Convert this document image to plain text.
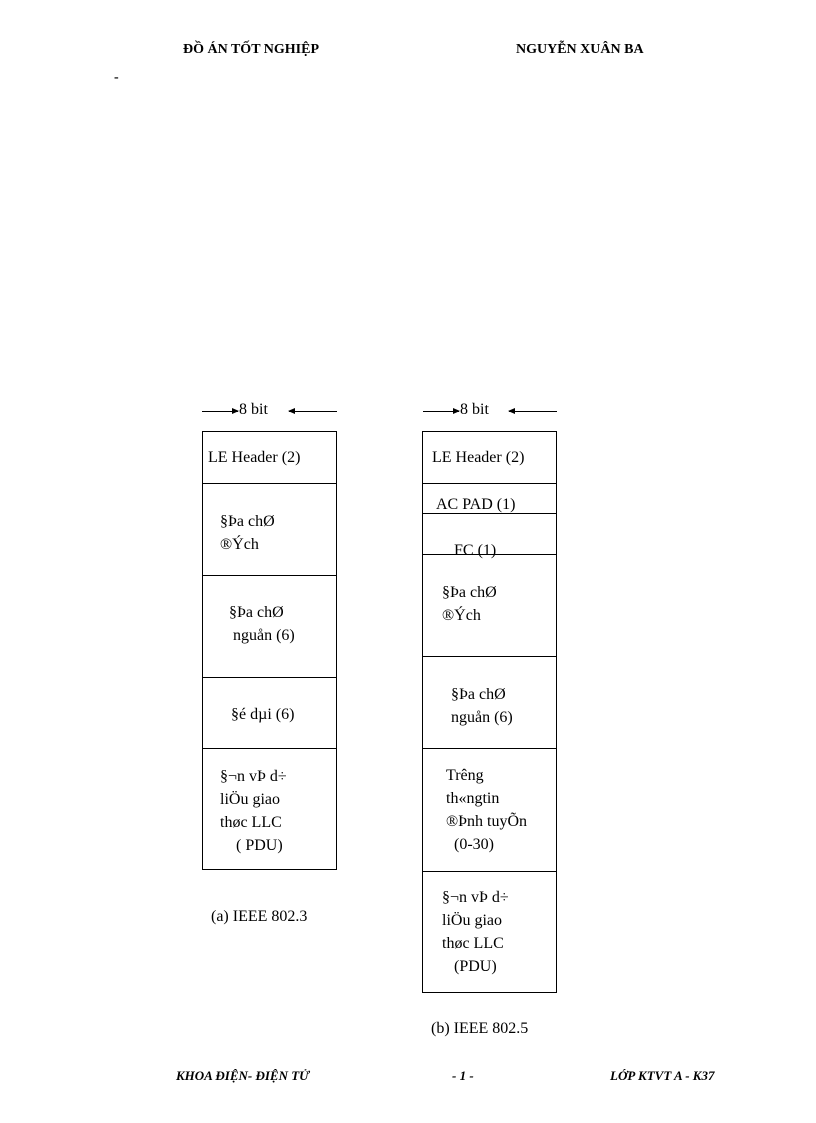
ĐỒ ÁN TỐT NGHIỆP	NGUYỄN XUÂN BA
-
8 bit
LE Header (2)
§Þa chØ
®Ých
§Þa chØ
nguån (6)
§é dµi (6)
§¬n vÞ d÷
liÖu giao
thøc LLC
( PDU)
(a) IEEE 802.3
8 bit
LE Header (2)
AC PAD (1)
FC (1)
§Þa chØ
®Ých
§Þa chØ
nguån (6)
Trêng
th«ngtin
®Þnh tuyÕn
(0-30)
§¬n vÞ d÷
liÖu giao
thøc LLC
(PDU)
(b) IEEE 802.5
KHOA ĐIỆN- ĐIỆN TỬ	- 1 -	LỚP KTVT A - K37
